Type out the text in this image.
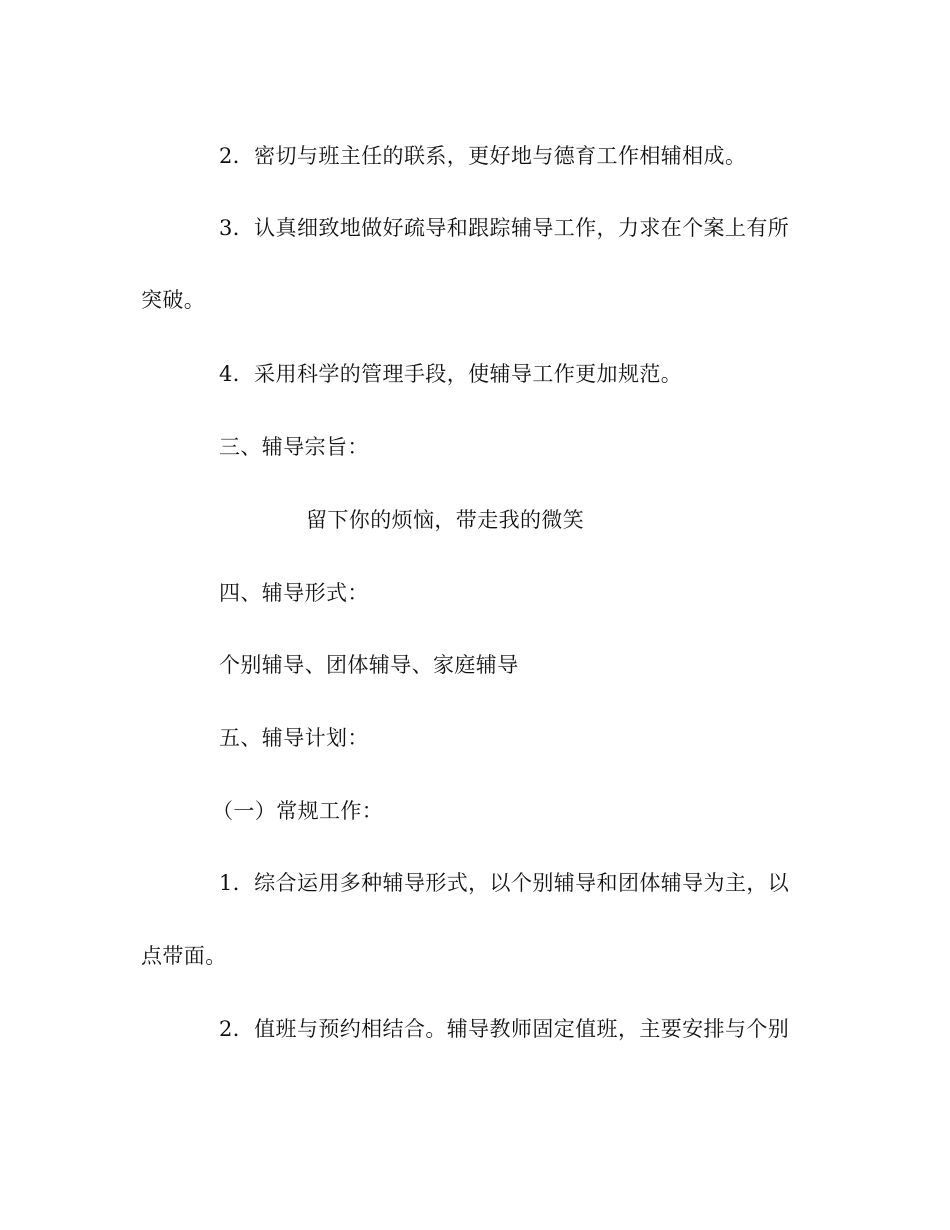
2．密切与班主任的联系，更好地与德育工作相辅相成。
3．认真细致地做好疏导和跟踪辅导工作，力求在个案上有所
突破。
4．采用科学的管理手段，使辅导工作更加规范。
三、辅导宗旨：
留下你的烦恼，带走我的微笑
四、辅导形式：
个别辅导、团体辅导、家庭辅导
五、辅导计划：
（一）常规工作：
1．综合运用多种辅导形式，以个别辅导和团体辅导为主，以
点带面。
2．值班与预约相结合。辅导教师固定值班，主要安排与个别
